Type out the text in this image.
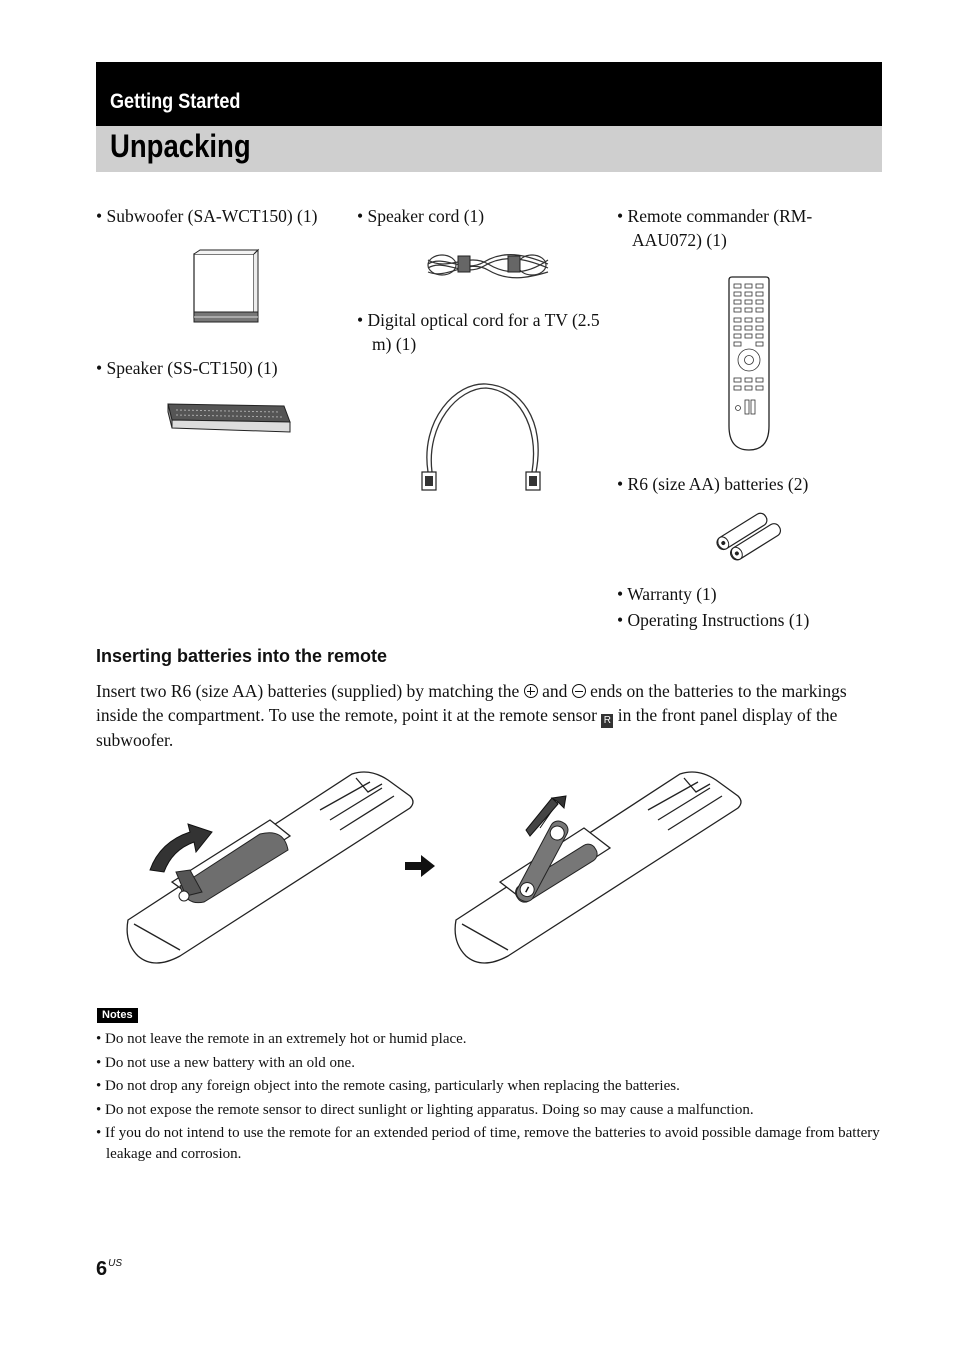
Getting Started
Unpacking
• Subwoofer (SA-WCT150) (1)
• Speaker (SS-CT150) (1)
• Speaker cord (1)
• Digital optical cord for a TV (2.5 m) (1)
• Remote commander (RM-AAU072) (1)
• R6 (size AA) batteries (2)
• Warranty (1)
• Operating Instructions (1)
Inserting batteries into the remote
Insert two R6 (size AA) batteries (supplied) by matching the  and  ends on the batteries to the markings inside the compartment. To use the remote, point it at the remote sensor R in the front panel display of the subwoofer.
Notes
• Do not leave the remote in an extremely hot or humid place.
• Do not use a new battery with an old one.
• Do not drop any foreign object into the remote casing, particularly when replacing the batteries.
• Do not expose the remote sensor to direct sunlight or lighting apparatus. Doing so may cause a malfunction.
• If you do not intend to use the remote for an extended period of time, remove the batteries to avoid possible damage from battery leakage and corrosion.
$6^{US}$
